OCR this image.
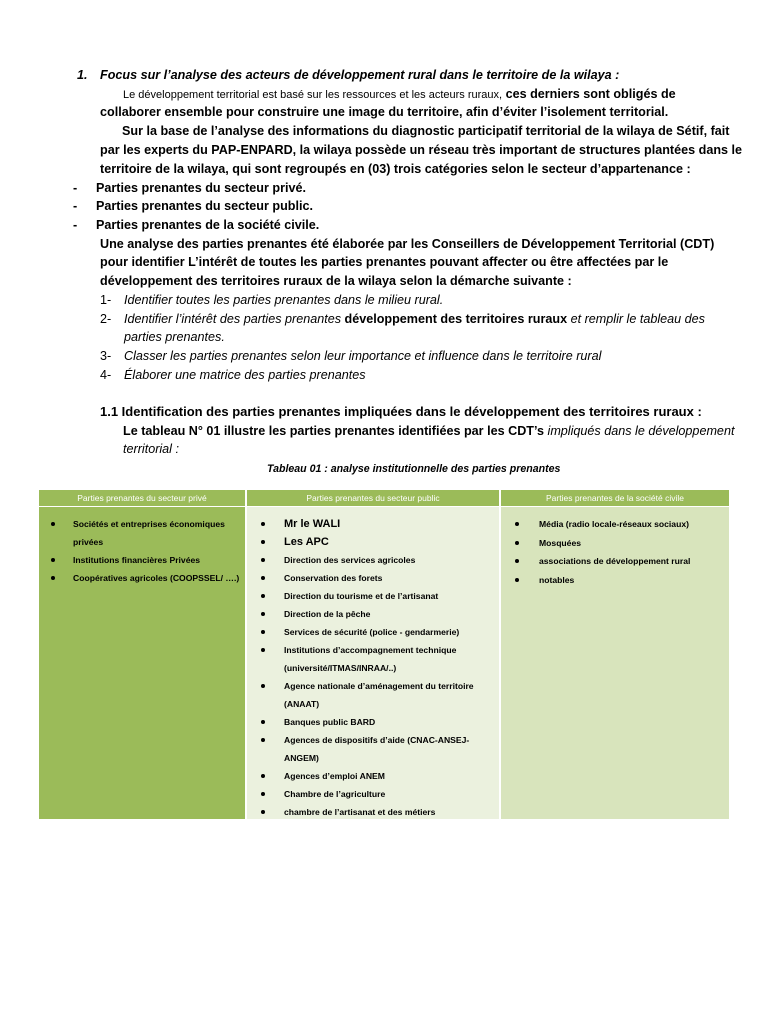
1. Focus sur l’analyse des acteurs de développement rural dans le territoire de la wilaya :
Le développement territorial est basé sur les ressources et les acteurs ruraux, ces derniers sont obligés de
collaborer ensemble pour construire une image du territoire, afin d’éviter l’isolement territorial.
Sur la base de l’analyse des informations du diagnostic participatif territorial de la wilaya de Sétif, fait
par les experts du PAP-ENPARD, la wilaya possède un réseau très important de structures plantées dans le
territoire de la wilaya, qui sont regroupés en (03) trois catégories selon le secteur d’appartenance :
- Parties prenantes du secteur privé.
- Parties prenantes du secteur public.
- Parties prenantes de la société civile.
Une analyse des parties prenantes été élaborée par les Conseillers de Développement Territorial (CDT)
pour identifier L’intérêt de toutes les parties prenantes pouvant affecter ou être affectées par le
développement des territoires ruraux de la wilaya selon la démarche suivante :
1- Identifier toutes les parties prenantes dans le milieu rural.
2- Identifier l’intérêt des parties prenantes développement des territoires ruraux et remplir le tableau des
parties prenantes.
3- Classer les parties prenantes selon leur importance et influence dans le territoire rural
4- Élaborer une matrice des parties prenantes
1.1 Identification des parties prenantes impliquées dans le développement des territoires ruraux :
Le tableau N° 01 illustre les parties prenantes identifiées par les CDT’s impliqués dans le développement
territorial :
Tableau 01 : analyse institutionnelle des parties prenantes
Parties prenantes du secteur privé	Parties prenantes du secteur public	Parties prenantes de la société civile
Sociétés et entreprises économiques
privées
Institutions financières Privées
Coopératives agricoles (COOPSSEL/ ….)
Mr le WALI
Les APC
Direction des services agricoles
Conservation des forets
Direction du tourisme et de l’artisanat
Direction de la pêche
Services de sécurité (police - gendarmerie)
Institutions d’accompagnement technique
(université/ITMAS/INRAA/..)
Agence nationale d’aménagement du territoire
(ANAAT)
Banques public BARD
Agences de dispositifs d’aide (CNAC-ANSEJ-
ANGEM)
Agences d’emploi ANEM
Chambre de l’agriculture
chambre de l’artisanat et des métiers
Média (radio locale-réseaux sociaux)
Mosquées
associations de développement rural
notables
